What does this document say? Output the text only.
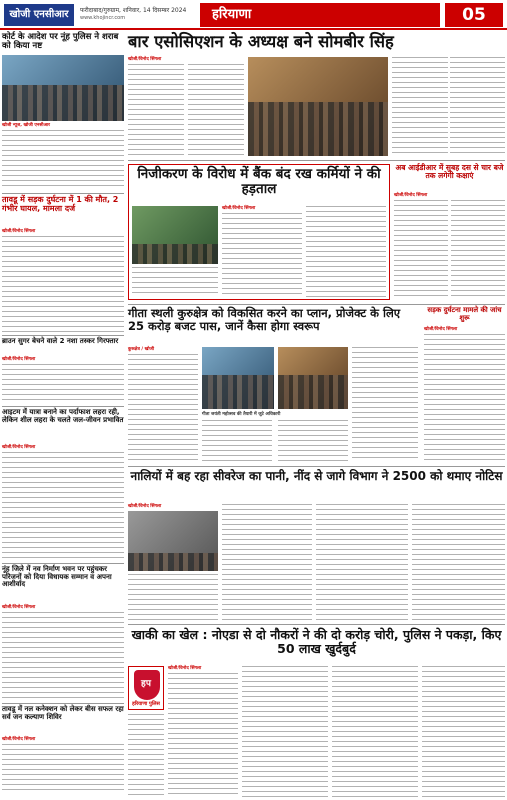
खोजी एनसीआर	फरीदाबाद/गुरुग्राम, शनिवार, 14 दिसम्बर 2024
www.khojincr.com	हरियाणा	05
कोर्ट के आदेश पर नूंह पुलिस ने शराब को किया नष्ट
खोजी न्यूज, खोजी एनसीआर
तावडू में सड़क दुर्घटना में 1 की मौत, 2 गंभीर घायल, मामला दर्ज
खोजी/विनोद सिंगला
ब्राउन सुगर बेचने वाले 2 नशा तस्कर गिरफ्तार
खोजी/विनोद सिंगला
आइटम में यात्रा बनाने का पर्दाफाश लहरा रही, लेकिन शील लहरा के चलते जल-जीवन प्रभावित
खोजी/विनोद सिंगला
नूंह जिले में नव निर्माण भवन पर पहुंचकर परिजनों को दिया विधायक सम्मान व अपना आशीर्वाद
खोजी/विनोद सिंगला
तावडू में नल कनेक्शन को लेकर बीस सफल रहा सर्व जन कल्याण शिविर
खोजी/विनोद सिंगला
बार एसोसिएशन के अध्यक्ष बने सोमबीर सिंह
खोजी/विनोद सिंगला
निजीकरण के विरोध में बैंक बंद रख कर्मियों ने की हड़ताल
खोजी/विनोद सिंगला
अब आईडीआर में सुबह दस से चार बजे तक लगेगी कक्षाएं
खोजी/विनोद सिंगला
गीता स्थली कुरुक्षेत्र को विकसित करने का प्लान, प्रोजेक्ट के लिए 25 करोड़ बजट पास, जानें कैसा होगा स्वरूप
कुरुक्षेत्र / खोजी
गीता जयंती महोत्सव की तैयारी में जुटे अधिकारी
सड़क दुर्घटना मामले की जांच शुरू
खोजी/विनोद सिंगला
नालियों में बह रहा सीवरेज का पानी, नींद से जागे विभाग ने 2500 को थमाए नोटिस
खोजी/विनोद सिंगला
खाकी का खेल : नोएडा से दो नौकरों ने की दो करोड़ चोरी, पुलिस ने पकड़ा, किए 50 लाख खुर्दबुर्द
हप
हरियाणा पुलिस
खोजी/विनोद सिंगला
